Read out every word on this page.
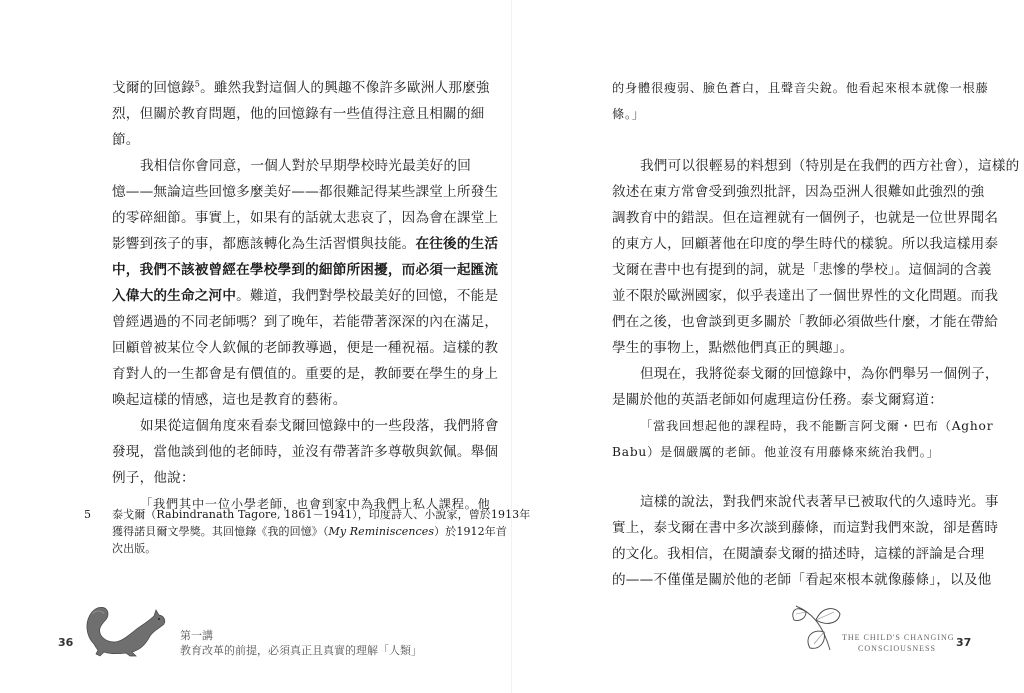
戈爾的回憶錄$^5$。雖然我對這個人的興趣不像許多歐洲人那麼強
烈，但關於教育問題，他的回憶錄有一些值得注意且相關的細
節。
我相信你會同意，一個人對於早期學校時光最美好的回
憶——無論這些回憶多麼美好——都很難記得某些課堂上所發生
的零碎細節。事實上，如果有的話就太悲哀了，因為會在課堂上
影響到孩子的事，都應該轉化為生活習慣與技能。在往後的生活
中，我們不該被曾經在學校學到的細節所困擾，而必須一起匯流
入偉大的生命之河中。難道，我們對學校最美好的回憶，不能是
曾經遇過的不同老師嗎？到了晚年，若能帶著深深的內在滿足，
回顧曾被某位令人欽佩的老師教導過，便是一種祝福。這樣的教
育對人的一生都會是有價值的。重要的是，教師要在學生的身上
喚起這樣的情感，這也是教育的藝術。
如果從這個角度來看泰戈爾回憶錄中的一些段落，我們將會
發現，當他談到他的老師時，並沒有帶著許多尊敬與欽佩。舉個
例子，他說：
「我們其中一位小學老師，也會到家中為我們上私人課程。他
5 泰戈爾（Rabindranath Tagore, 1861－1941），印度詩人、小說家，曾於1913年
獲得諾貝爾文學獎。其回憶錄《我的回憶》（My Reminiscences）於1912年首
次出版。
36
第一講
教育改革的前提，必須真正且真實的理解「人類」
的身體很瘦弱、臉色蒼白，且聲音尖銳。他看起來根本就像一根藤
條。」
我們可以很輕易的料想到（特別是在我們的西方社會），這樣的
敘述在東方常會受到強烈批評，因為亞洲人很難如此強烈的強
調教育中的錯誤。但在這裡就有一個例子，也就是一位世界聞名
的東方人，回顧著他在印度的學生時代的樣貌。所以我這樣用泰
戈爾在書中也有提到的詞，就是「悲慘的學校」。這個詞的含義
並不限於歐洲國家，似乎表達出了一個世界性的文化問題。而我
們在之後，也會談到更多關於「教師必須做些什麼，才能在帶給
學生的事物上，點燃他們真正的興趣」。
但現在，我將從泰戈爾的回憶錄中，為你們舉另一個例子，
是關於他的英語老師如何處理這份任務。泰戈爾寫道：
「當我回想起他的課程時，我不能斷言阿戈爾・巴布（Aghor
Babu）是個嚴厲的老師。他並沒有用藤條來統治我們。」
這樣的說法，對我們來說代表著早已被取代的久遠時光。事
實上，泰戈爾在書中多次談到藤條，而這對我們來說，卻是舊時
的文化。我相信，在閱讀泰戈爾的描述時，這樣的評論是合理
的——不僅僅是關於他的老師「看起來根本就像藤條」，以及他
THE CHILD'S CHANGING
CONSCIOUSNESS	37
